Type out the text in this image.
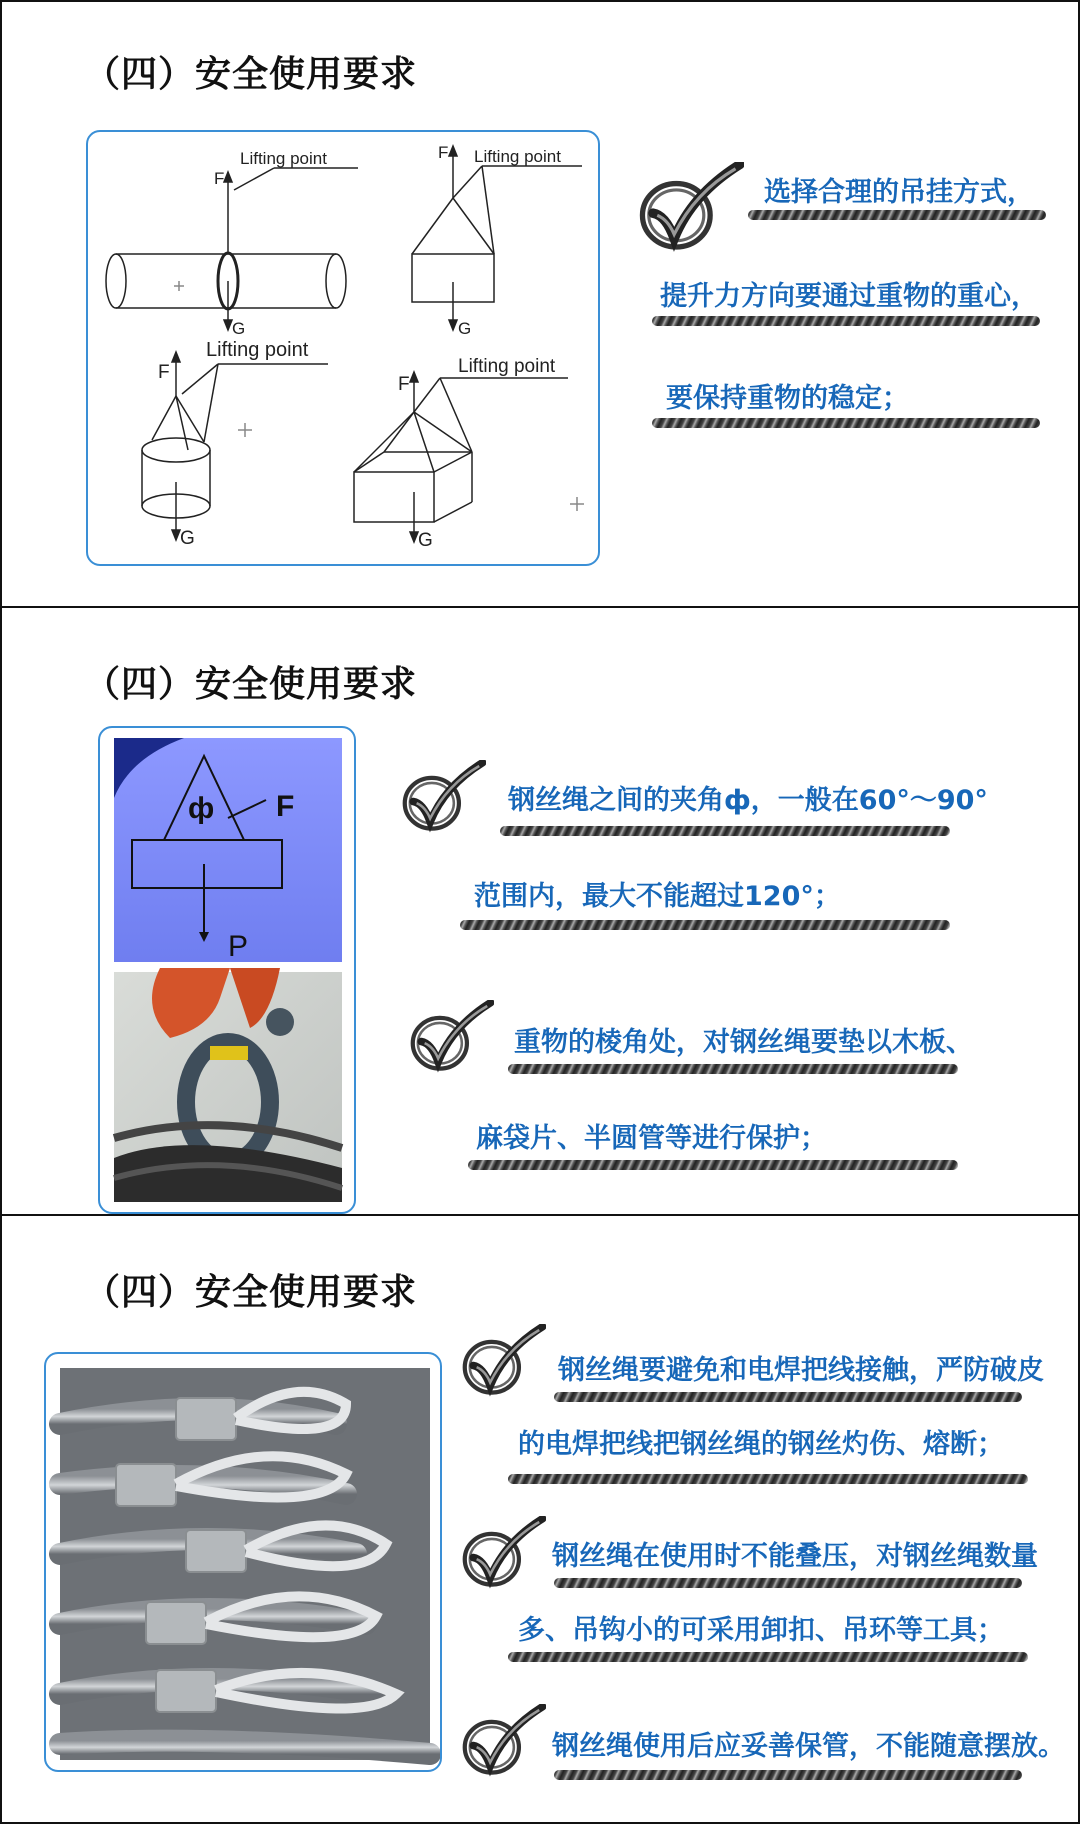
（四）安全使用要求
Lifting point	Lifting point
Lifting point
Lifting point
F
G
F
G
F
G
F
G
选择合理的吊挂方式，
提升力方向要通过重物的重心，
要保持重物的稳定；
（四）安全使用要求
ф F
P
钢丝绳之间的夹角ф，一般在60°～90°
范围内，最大不能超过120°；
重物的棱角处，对钢丝绳要垫以木板、
麻袋片、半圆管等进行保护；
（四）安全使用要求
钢丝绳要避免和电焊把线接触，严防破皮
的电焊把线把钢丝绳的钢丝灼伤、熔断；
钢丝绳在使用时不能叠压，对钢丝绳数量
多、吊钩小的可采用卸扣、吊环等工具；
钢丝绳使用后应妥善保管，不能随意摆放。
